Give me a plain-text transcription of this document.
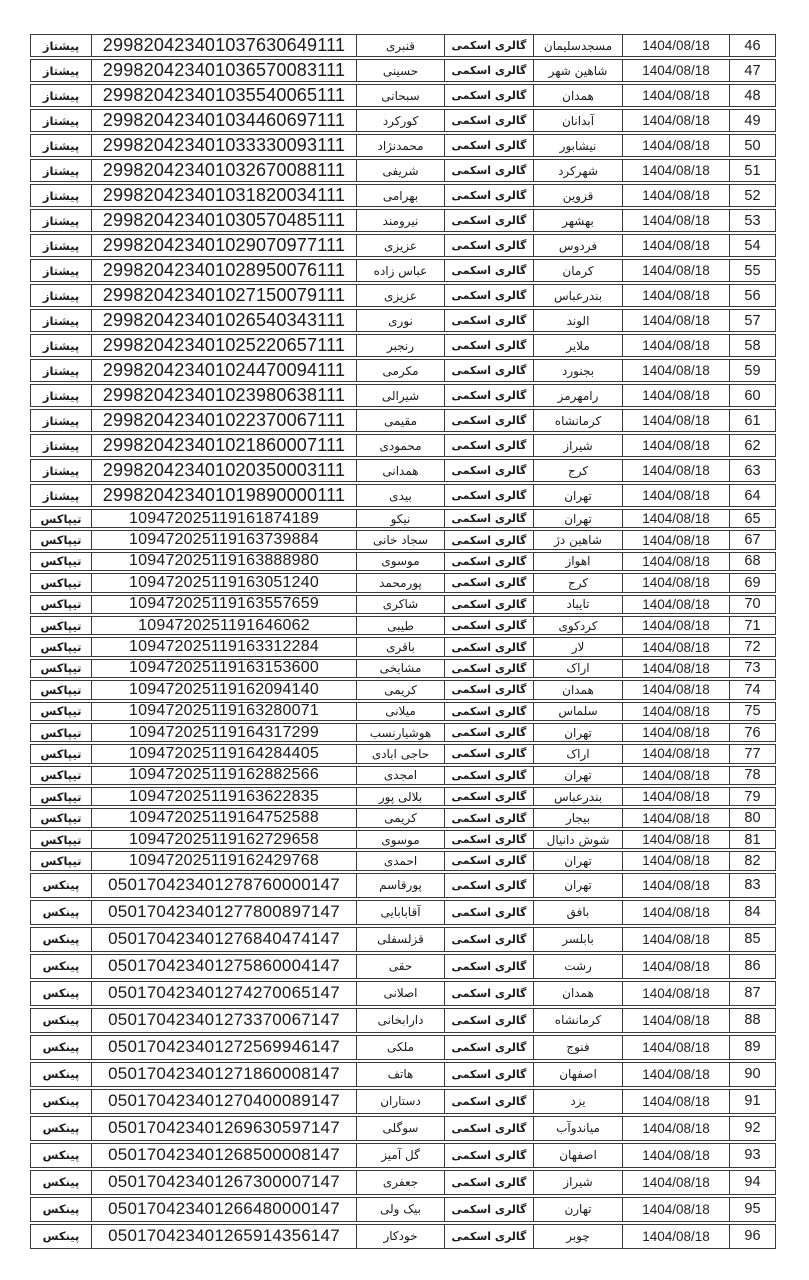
پیشتاز	299820423401037630649111	قنبری	گالری اسکمی	مسجدسلیمان	1404/08/18	46
پیشتاز	299820423401036570083111	حسینی	گالری اسکمی	شاهین شهر	1404/08/18	47
پیشتاز	299820423401035540065111	سبحانی	گالری اسکمی	همدان	1404/08/18	48
پیشتاز	299820423401034460697111	کورکرد	گالری اسکمی	آبدانان	1404/08/18	49
پیشتاز	299820423401033330093111	محمدنژاد	گالری اسکمی	نیشابور	1404/08/18	50
پیشتاز	299820423401032670088111	شریفی	گالری اسکمی	شهرکرد	1404/08/18	51
پیشتاز	299820423401031820034111	بهرامی	گالری اسکمی	قزوین	1404/08/18	52
پیشتاز	299820423401030570485111	نیرومند	گالری اسکمی	بهشهر	1404/08/18	53
پیشتاز	299820423401029070977111	عزیزی	گالری اسکمی	فردوس	1404/08/18	54
پیشتاز	299820423401028950076111	عباس زاده	گالری اسکمی	کرمان	1404/08/18	55
پیشتاز	299820423401027150079111	عزیزی	گالری اسکمی	بندرعباس	1404/08/18	56
پیشتاز	299820423401026540343111	نوری	گالری اسکمی	الوند	1404/08/18	57
پیشتاز	299820423401025220657111	رنجبر	گالری اسکمی	ملایر	1404/08/18	58
پیشتاز	299820423401024470094111	مکرمی	گالری اسکمی	بجنورد	1404/08/18	59
پیشتاز	299820423401023980638111	شیرالی	گالری اسکمی	رامهرمز	1404/08/18	60
پیشتاز	299820423401022370067111	مقیمی	گالری اسکمی	کرمانشاه	1404/08/18	61
پیشتاز	299820423401021860007111	محمودی	گالری اسکمی	شیراز	1404/08/18	62
پیشتاز	299820423401020350003111	همدانی	گالری اسکمی	کرج	1404/08/18	63
پیشتاز	299820423401019890000111	بیدی	گالری اسکمی	تهران	1404/08/18	64
تیپاکس	109472025119161874189	نیکو	گالری اسکمی	تهران	1404/08/18	65
تیپاکس	109472025119163739884	سجاد خانی	گالری اسکمی	شاهین دژ	1404/08/18	67
تیپاکس	109472025119163888980	موسوی	گالری اسکمی	اهواز	1404/08/18	68
تیپاکس	109472025119163051240	پورمحمد	گالری اسکمی	کرج	1404/08/18	69
تیپاکس	109472025119163557659	شاکری	گالری اسکمی	تایباد	1404/08/18	70
تیپاکس	1094720251191646062	طیبی	گالری اسکمی	کردکوی	1404/08/18	71
تیپاکس	109472025119163312284	باقری	گالری اسکمی	لار	1404/08/18	72
تیپاکس	109472025119163153600	مشایخی	گالری اسکمی	اراک	1404/08/18	73
تیپاکس	109472025119162094140	کریمی	گالری اسکمی	همدان	1404/08/18	74
تیپاکس	109472025119163280071	میلانی	گالری اسکمی	سلماس	1404/08/18	75
تیپاکس	109472025119164317299	هوشیارنسب	گالری اسکمی	تهران	1404/08/18	76
تیپاکس	109472025119164284405	حاجی ابادی	گالری اسکمی	اراک	1404/08/18	77
تیپاکس	109472025119162882566	امجدی	گالری اسکمی	تهران	1404/08/18	78
تیپاکس	109472025119163622835	بلالی پور	گالری اسکمی	بندرعباس	1404/08/18	79
تیپاکس	109472025119164752588	کریمی	گالری اسکمی	بیجار	1404/08/18	80
تیپاکس	109472025119162729658	موسوی	گالری اسکمی	شوش دانیال	1404/08/18	81
تیپاکس	109472025119162429768	احمدی	گالری اسکمی	تهران	1404/08/18	82
پینکس	050170423401278760000147	پورقاسم	گالری اسکمی	تهران	1404/08/18	83
پینکس	050170423401277800897147	آقابابایی	گالری اسکمی	بافق	1404/08/18	84
پینکس	050170423401276840474147	قزلسفلی	گالری اسکمی	بابلسر	1404/08/18	85
پینکس	050170423401275860004147	حقی	گالری اسکمی	رشت	1404/08/18	86
پینکس	050170423401274270065147	اصلانی	گالری اسکمی	همدان	1404/08/18	87
پینکس	050170423401273370067147	دارابخانی	گالری اسکمی	کرمانشاه	1404/08/18	88
پینکس	050170423401272569946147	ملکی	گالری اسکمی	فنوج	1404/08/18	89
پینکس	050170423401271860008147	هاتف	گالری اسکمی	اصفهان	1404/08/18	90
پینکس	050170423401270400089147	دستاران	گالری اسکمی	یزد	1404/08/18	91
پینکس	050170423401269630597147	سوگلی	گالری اسکمی	میاندوآب	1404/08/18	92
پینکس	050170423401268500008147	گل آمیز	گالری اسکمی	اصفهان	1404/08/18	93
پینکس	050170423401267300007147	جعفری	گالری اسکمی	شیراز	1404/08/18	94
پینکس	050170423401266480000147	بیک ولی	گالری اسکمی	تهارن	1404/08/18	95
پینکس	050170423401265914356147	خودکار	گالری اسکمی	چوبر	1404/08/18	96
